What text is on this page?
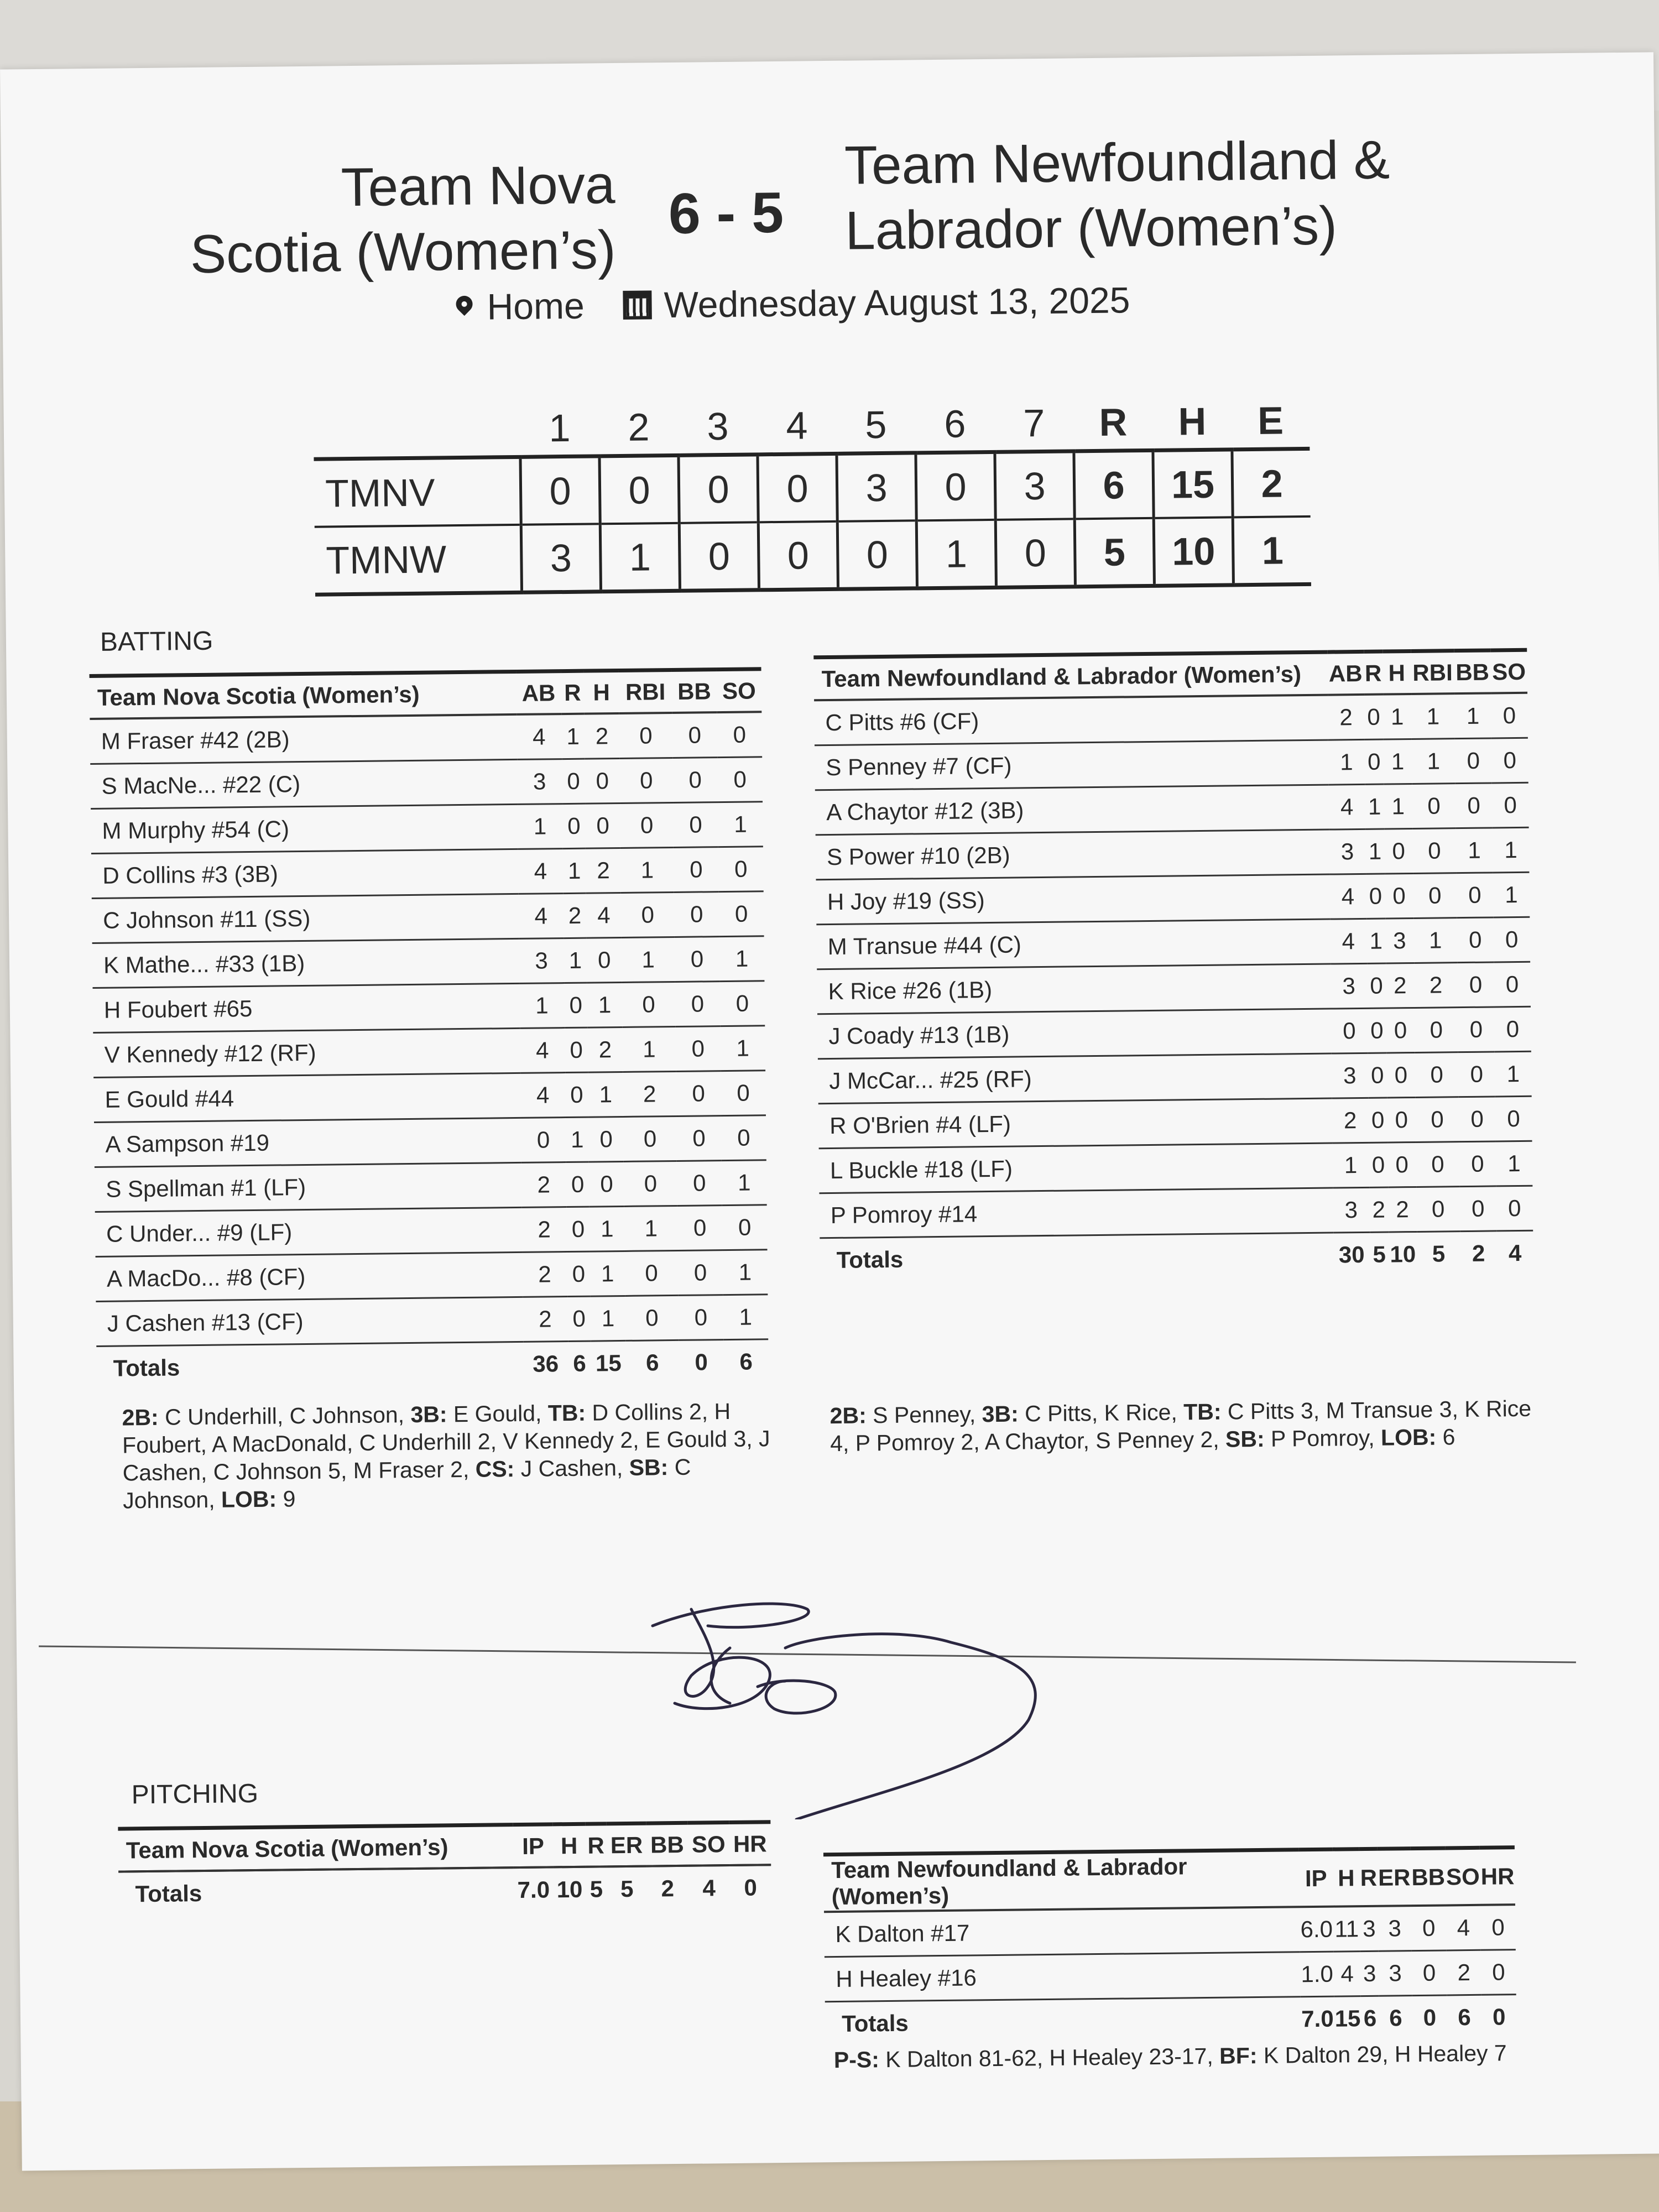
Team Nova Scotia (Women’s)
6 - 5
Team Newfoundland & Labrador (Women’s)
Home Wednesday August 13, 2025
	1	2	3	4	5	6	7	R	H	E
TMNV	0	0	0	0	3	0	3	6	15	2
TMNW	3	1	0	0	0	1	0	5	10	1
BATTING
Team Nova Scotia (Women’s)	AB	R	H	RBI	BB	SO
M Fraser #42 (2B)	4	1	2	0	0	0
S MacNe... #22 (C)	3	0	0	0	0	0
M Murphy #54 (C)	1	0	0	0	0	1
D Collins #3 (3B)	4	1	2	1	0	0
C Johnson #11 (SS)	4	2	4	0	0	0
K Mathe... #33 (1B)	3	1	0	1	0	1
H Foubert #65	1	0	1	0	0	0
V Kennedy #12 (RF)	4	0	2	1	0	1
E Gould #44	4	0	1	2	0	0
A Sampson #19	0	1	0	0	0	0
S Spellman #1 (LF)	2	0	0	0	0	1
C Under... #9 (LF)	2	0	1	1	0	0
A MacDo... #8 (CF)	2	0	1	0	0	1
J Cashen #13 (CF)	2	0	1	0	0	1
Totals	36	6	15	6	0	6
Team Newfoundland & Labrador (Women’s)	AB	R	H	RBI	BB	SO
C Pitts #6 (CF)	2	0	1	1	1	0
S Penney #7 (CF)	1	0	1	1	0	0
A Chaytor #12 (3B)	4	1	1	0	0	0
S Power #10 (2B)	3	1	0	0	1	1
H Joy #19 (SS)	4	0	0	0	0	1
M Transue #44 (C)	4	1	3	1	0	0
K Rice #26 (1B)	3	0	2	2	0	0
J Coady #13 (1B)	0	0	0	0	0	0
J McCar... #25 (RF)	3	0	0	0	0	1
R O'Brien #4 (LF)	2	0	0	0	0	0
L Buckle #18 (LF)	1	0	0	0	0	1
P Pomroy #14	3	2	2	0	0	0
Totals	30	5	10	5	2	4
2B: C Underhill, C Johnson, 3B: E Gould, TB: D Collins 2, H Foubert, A MacDonald, C Underhill 2, V Kennedy 2, E Gould 3, J Cashen, C Johnson 5, M Fraser 2, CS: J Cashen, SB: C Johnson, LOB: 9
2B: S Penney, 3B: C Pitts, K Rice, TB: C Pitts 3, M Transue 3, K Rice 4, P Pomroy 2, A Chaytor, S Penney 2, SB: P Pomroy, LOB: 6
PITCHING
Team Nova Scotia (Women’s)	IP	H	R	ER	BB	SO	HR
Totals	7.0	10	5	5	2	4	0
Team Newfoundland & Labrador (Women’s)	IP	H	R	ER	BB	SO	HR
K Dalton #17	6.0	11	3	3	0	4	0
H Healey #16	1.0	4	3	3	0	2	0
Totals	7.0	15	6	6	0	6	0
P-S: K Dalton 81-62, H Healey 23-17, BF: K Dalton 29, H Healey 7
